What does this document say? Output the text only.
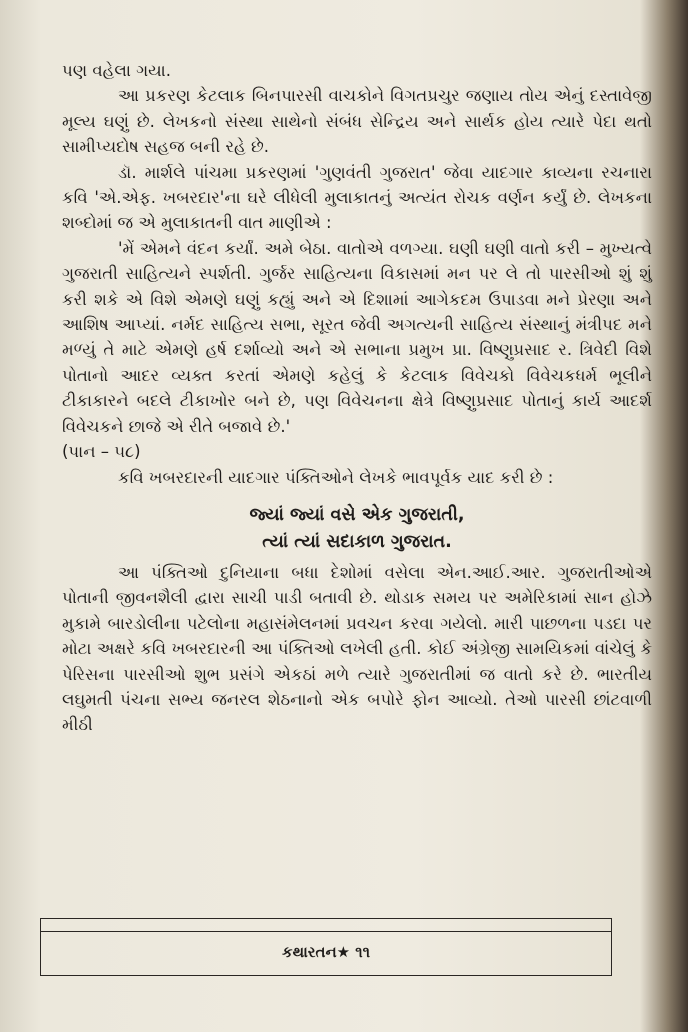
પણ વહેલા ગયા.

આ પ્રકરણ કેટલાક બિનપારસી વાચકોને વિગતપ્રચુર જણાય તોય એનું દસ્તાવેજી મૂલ્ય ઘણું છે. લેખકનો સંસ્થા સાથેનો સંબંધ સેન્દ્રિય અને સાર્થક હોય ત્યારે પેદા થતો સામીપ્યદોષ સહજ બની રહે છે.

ડૉ. માર્શલે પાંચમા પ્રકરણમાં 'ગુણવંતી ગુજરાત' જેવા યાદગાર કાવ્યના રચનારા કવિ 'એ.એફ. ખબરદાર'ના ઘરે લીધેલી મુલાકાતનું અત્યંત રોચક વર્ણન કર્યું છે. લેખકના શબ્દોમાં જ એ મુલાકાતની વાત માણીએ :

'મેં એમને વંદન કર્યાં. અમે બેઠા. વાતોએ વળગ્યા. ઘણી ઘણી વાતો કરી – મુખ્યત્વે ગુજરાતી સાહિત્યને સ્પર્શતી. ગુર્જર સાહિત્યના વિકાસમાં મન પર લે તો પારસીઓ શું શું કરી શકે એ વિશે એમણે ઘણું કહ્યું અને એ દિશામાં આગેકદમ ઉપાડવા મને પ્રેરણા અને આશિષ આપ્યાં. નર્મદ સાહિત્ય સભા, સૂરત જેવી અગત્યની સાહિત્ય સંસ્થાનું મંત્રીપદ મને મળ્યું તે માટે એમણે હર્ષ દર્શાવ્યો અને એ સભાના પ્રમુખ પ્રા. વિષ્ણુપ્રસાદ ર. ત્રિવેદી વિશે પોતાનો આદર વ્યક્ત કરતાં એમણે કહેલું કે કેટલાક વિવેચકો વિવેચકધર્મ ભૂલીને ટીકાકારને બદલે ટીકાખોર બને છે, પણ વિવેચનના ક્ષેત્રે વિષ્ણુપ્રસાદ પોતાનું કાર્ય આદર્શ વિવેચકને છાજે એ રીતે બજાવે છે.'

(પાન – ૫૮)

કવિ ખબરદારની યાદગાર પંક્તિઓને લેખકે ભાવપૂર્વક યાદ કરી છે :

જ્યાં જ્યાં વસે એક ગુજરાતી,
ત્યાં ત્યાં સદાકાળ ગુજરાત.

આ પંક્તિઓ દુનિયાના બધા દેશોમાં વસેલા એન.આઈ.આર. ગુજરાતીઓએ પોતાની જીવનશૈલી દ્વારા સાચી પાડી બતાવી છે. થોડાક સમય પર અમેરિકામાં સાન હોઝે મુકામે બારડોલીના પટેલોના મહાસંમેલનમાં પ્રવચન કરવા ગયેલો. મારી પાછળના પડદા પર મોટા અક્ષરે કવિ ખબરદારની આ પંક્તિઓ લખેલી હતી. કોઈ અંગ્રેજી સામયિકમાં વાંચેલું કે પેરિસના પારસીઓ શુભ પ્રસંગે એકઠાં મળે ત્યારે ગુજરાતીમાં જ વાતો કરે છે. ભારતીય લઘુમતી પંચના સભ્ય જનરલ શેઠનાનો એક બપોરે ફોન આવ્યો. તેઓ પારસી છાંટવાળી મીઠી

કથારતન★ ૧૧
